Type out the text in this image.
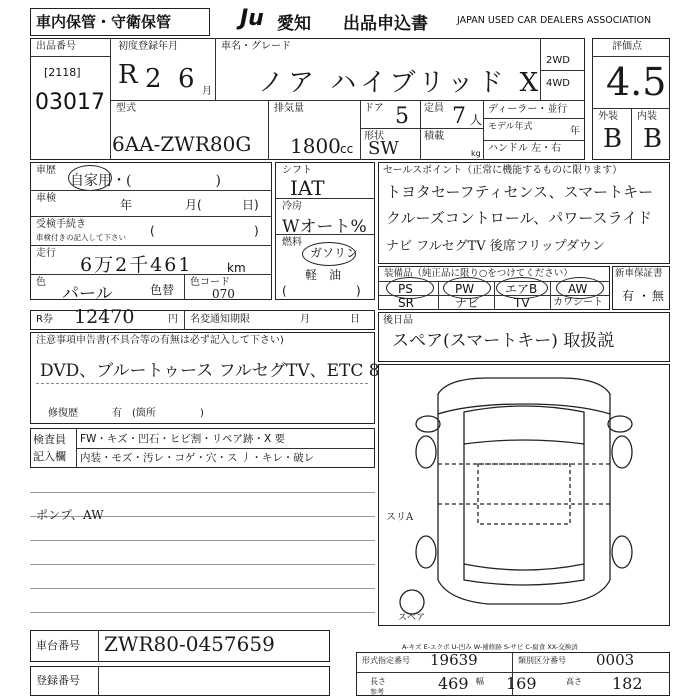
車内保管・守衛保管	Ju 愛知 出品申込書	JAPAN USED CAR DEALERS ASSOCIATION
出品番号
[2118]
03017
初度登録年月
R 2 6 月
車名・グレード
ノア ハイブリッド X
2WD
4WD
評価点
4.5
外装 内装
B B
型式
6AA-ZWR80G
排気量
1800 cc
ドア 5
形状
SW
定員 7 人
積載
kg
ディーラー・並行
モデル年式	年
ハンドル 左・右
車歴
自家用・(　　　　　　)
車検	年	月(	日)
受検手続き
車検付きの記入して下さい (	)
走行
6万2千461	km
色
パール	色替
色コード
070
シフト
IAT
冷房
Wオート%
燃料
ガソリン
軽　油
(	)
セールスポイント（正常に機能するものに限ります）
トヨタセーフティセンス、スマートキー
クルーズコントロール、パワースライド
ナビ フルセグTV 後席フリップダウン
装備品（純正品に限り○をつけてください）
PS	PW	エアB	AW
SR	ナビ	TV カワシート
新車保証書
有 ・ 無
R券 12470	円 名変通知期限	月	日
注意事項申告書(不具合等の有無は必ず記入して下さい)
DVD、ブルートゥース フルセグTV、ETC 8
修復歴	有 (箇所	)
後日品
スペア(スマートキー) 取扱説
検査員
記入欄
FW・キズ・凹石・ヒビ割・リペア跡・X 要
内装・モズ・汚レ・コゲ・穴・ス 丿・キレ・破レ
ポンプ、AW	スリA
スペア
車台番号 ZWR80-0457659
登録番号
A-キズ E-エクボ U-凹み W-補修跡 S-サビ C-腐食 XX-交換済
形式指定番号 19639	類別区分番号 0003
長さ
参考	469 幅 169	高さ 182
